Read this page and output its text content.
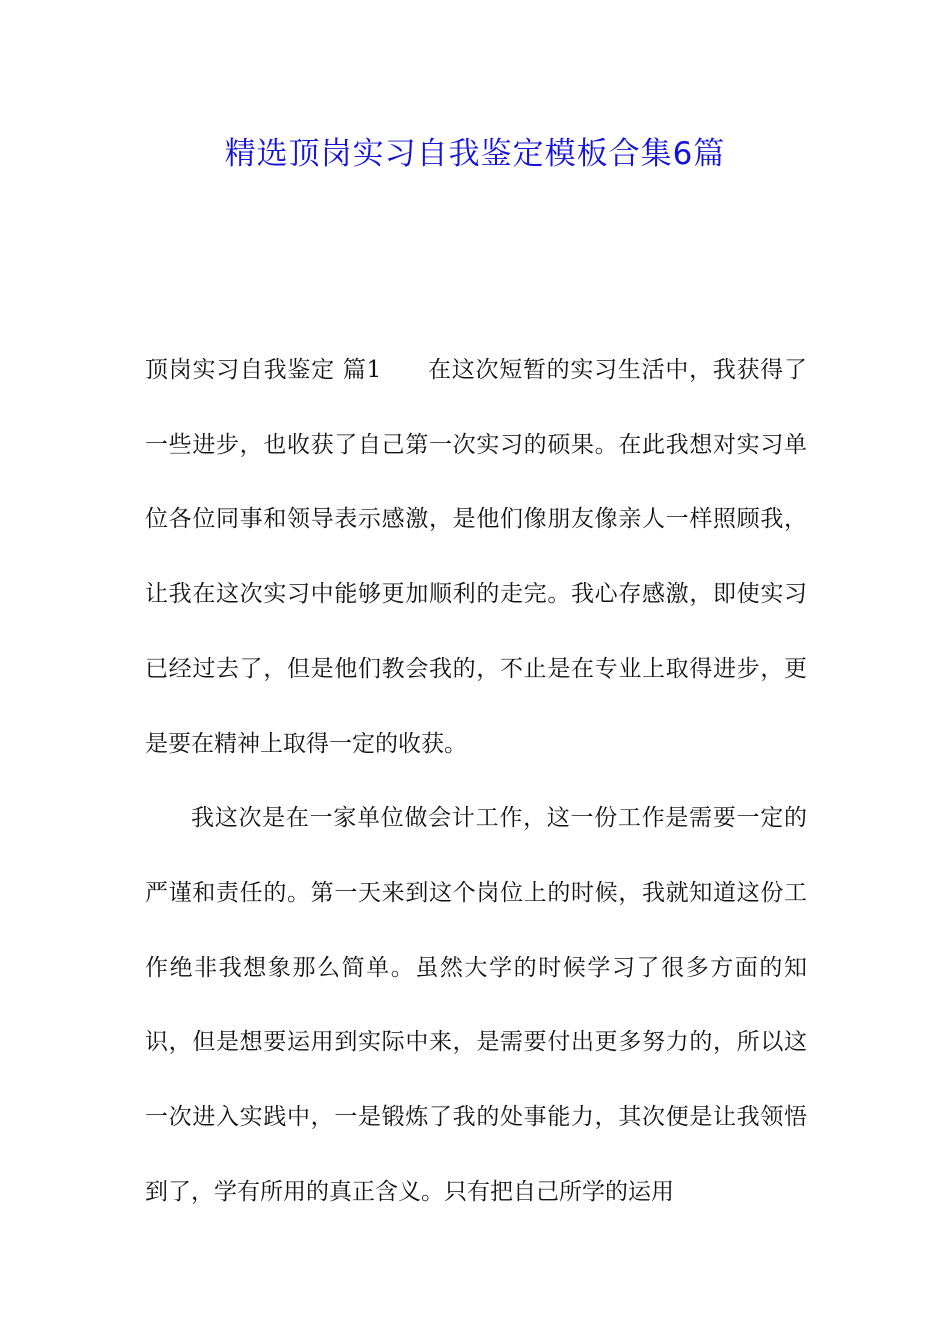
精选顶岗实习自我鉴定模板合集6篇

顶岗实习自我鉴定 篇1 在这次短暂的实习生活中，我获得了一些进步，也收获了自己第一次实习的硕果。在此我想对实习单位各位同事和领导表示感激，是他们像朋友像亲人一样照顾我，让我在这次实习中能够更加顺利的走完。我心存感激，即使实习已经过去了，但是他们教会我的，不止是在专业上取得进步，更是要在精神上取得一定的收获。

我这次是在一家单位做会计工作，这一份工作是需要一定的严谨和责任的。第一天来到这个岗位上的时候，我就知道这份工作绝非我想象那么简单。虽然大学的时候学习了很多方面的知识，但是想要运用到实际中来，是需要付出更多努力的，所以这一次进入实践中，一是锻炼了我的处事能力，其次便是让我领悟到了，学有所用的真正含义。只有把自己所学的运用
